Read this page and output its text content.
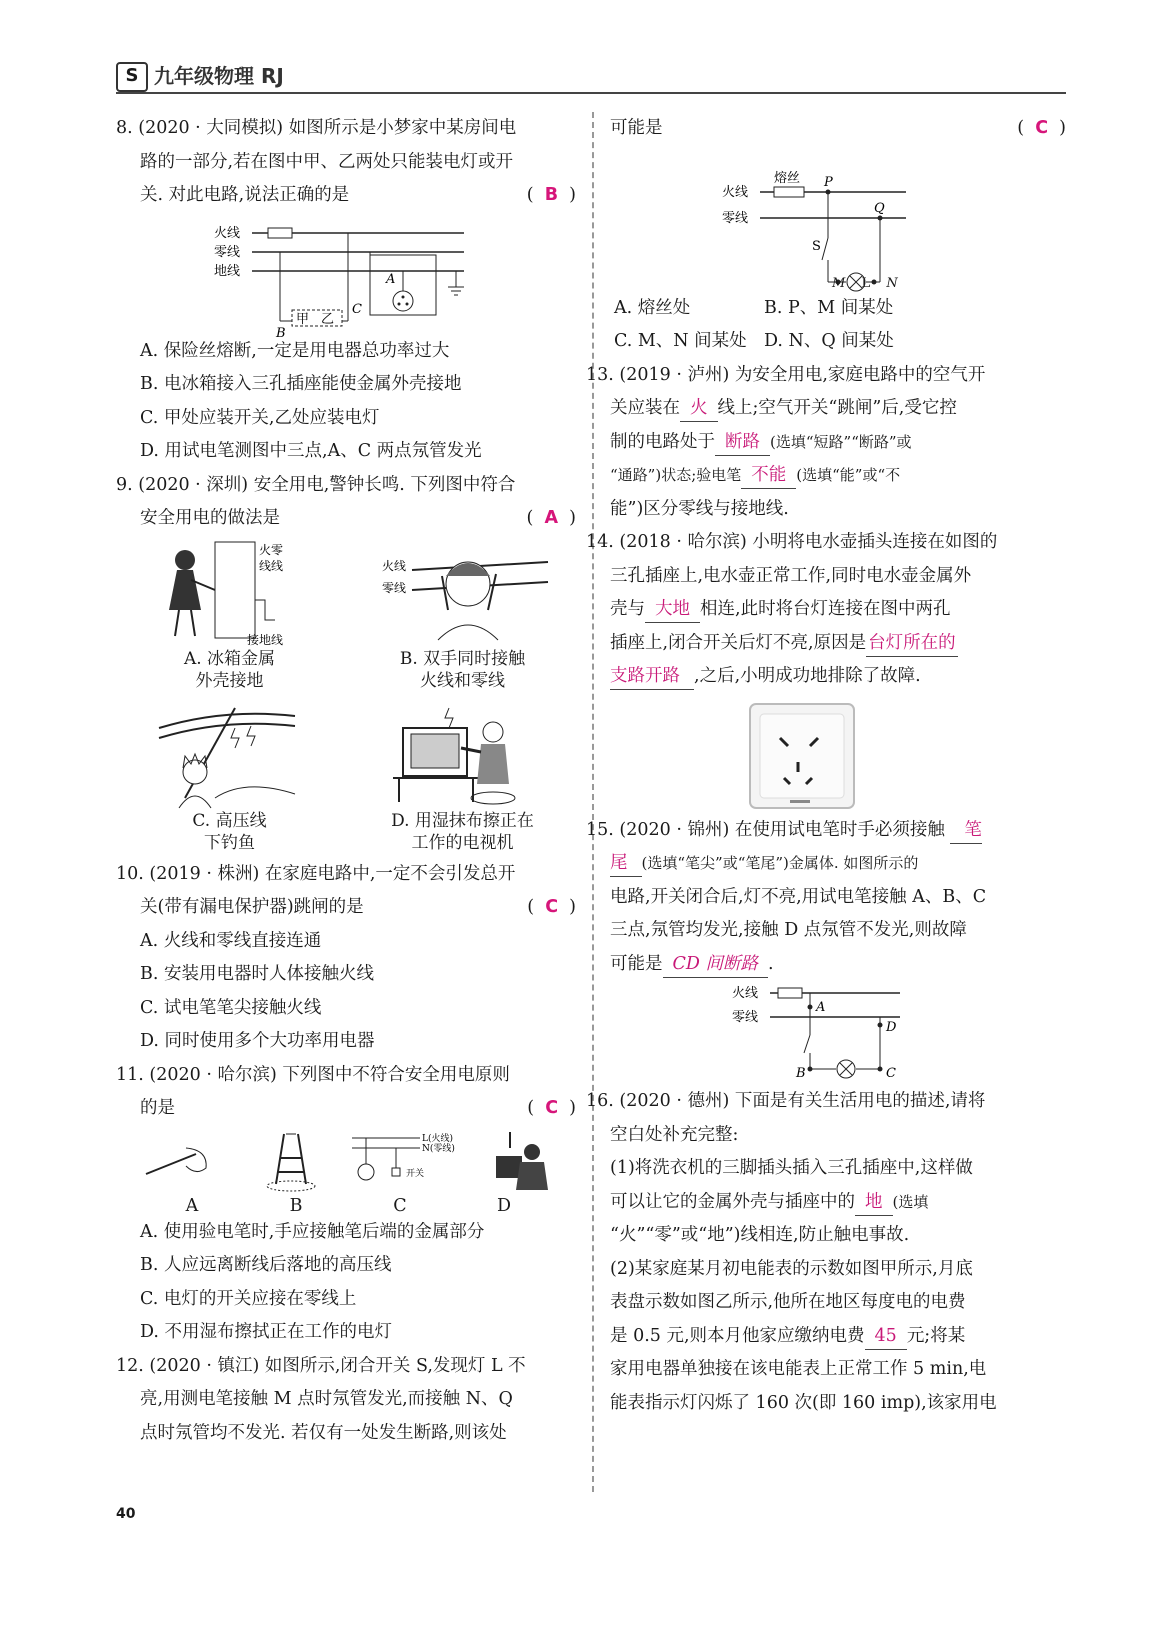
S 九年级物理 RJ
8. (2020 · 大同模拟) 如图所示是小梦家中某房间电
路的一部分,若在图中甲、乙两处只能装电灯或开
关. 对此电路,说法正确的是	(  B  )
火线
零线
地线
甲 乙
B
C
A
A. 保险丝熔断,一定是用电器总功率过大
B. 电冰箱接入三孔插座能使金属外壳接地
C. 甲处应装开关,乙处应装电灯
D. 用试电笔测图中三点,A、C 两点氖管发光
9. (2020 · 深圳) 安全用电,警钟长鸣. 下列图中符合
安全用电的做法是	(  A  )
火零
线线
接地线
A. 冰箱金属
外壳接地
火线
零线
B. 双手同时接触
火线和零线
C. 高压线
下钓鱼
D. 用湿抹布擦正在
工作的电视机
10. (2019 · 株洲) 在家庭电路中,一定不会引发总开
关(带有漏电保护器)跳闸的是	(  C  )
A. 火线和零线直接连通
B. 安装用电器时人体接触火线
C. 试电笔笔尖接触火线
D. 同时使用多个大功率用电器
11. (2020 · 哈尔滨) 下列图中不符合安全用电原则
的是	(  C  )
L(火线)
N(零线)
开关
A	B	C	D
A. 使用验电笔时,手应接触笔后端的金属部分
B. 人应远离断线后落地的高压线
C. 电灯的开关应接在零线上
D. 不用湿布擦拭正在工作的电灯
12. (2020 · 镇江) 如图所示,闭合开关 S,发现灯 L 不
亮,用测电笔接触 M 点时氖管发光,而接触 N、Q
点时氖管均不发光. 若仅有一处发生断路,则该处
可能是	(  C  )
火线
零线
熔丝 P
Q
S
M L N
A. 熔丝处	B. P、M 间某处
C. M、N 间某处 D. N、Q 间某处
13. (2019 · 泸州) 为安全用电,家庭电路中的空气开
关应装在 火 线上;空气开关“跳闸”后,受它控
制的电路处于 断路 (选填“短路”“断路”或
“通路”)状态;验电笔 不能 (选填“能”或“不
能”)区分零线与接地线.
14. (2018 · 哈尔滨) 小明将电水壶插头连接在如图的
三孔插座上,电水壶正常工作,同时电水壶金属外
壳与 大地 相连,此时将台灯连接在图中两孔
插座上,闭合开关后灯不亮,原因是 台灯所在的
支路开路 ,之后,小明成功地排除了故障.
15. (2020 · 锦州) 在使用试电笔时手必须接触 笔
尾 (选填“笔尖”或“笔尾”)金属体. 如图所示的
电路,开关闭合后,灯不亮,用试电笔接触 A、B、C
三点,氖管均发光,接触 D 点氖管不发光,则故障
可能是 CD 间断路 .
火线
零线
A
B	C
D
16. (2020 · 德州) 下面是有关生活用电的描述,请将
空白处补充完整:
(1)将洗衣机的三脚插头插入三孔插座中,这样做
可以让它的金属外壳与插座中的 地 (选填
“火”“零”或“地”)线相连,防止触电事故.
(2)某家庭某月初电能表的示数如图甲所示,月底
表盘示数如图乙所示,他所在地区每度电的电费
是 0.5 元,则本月他家应缴纳电费 45 元;将某
家用电器单独接在该电能表上正常工作 5 min,电
能表指示灯闪烁了 160 次(即 160 imp),该家用电
40
